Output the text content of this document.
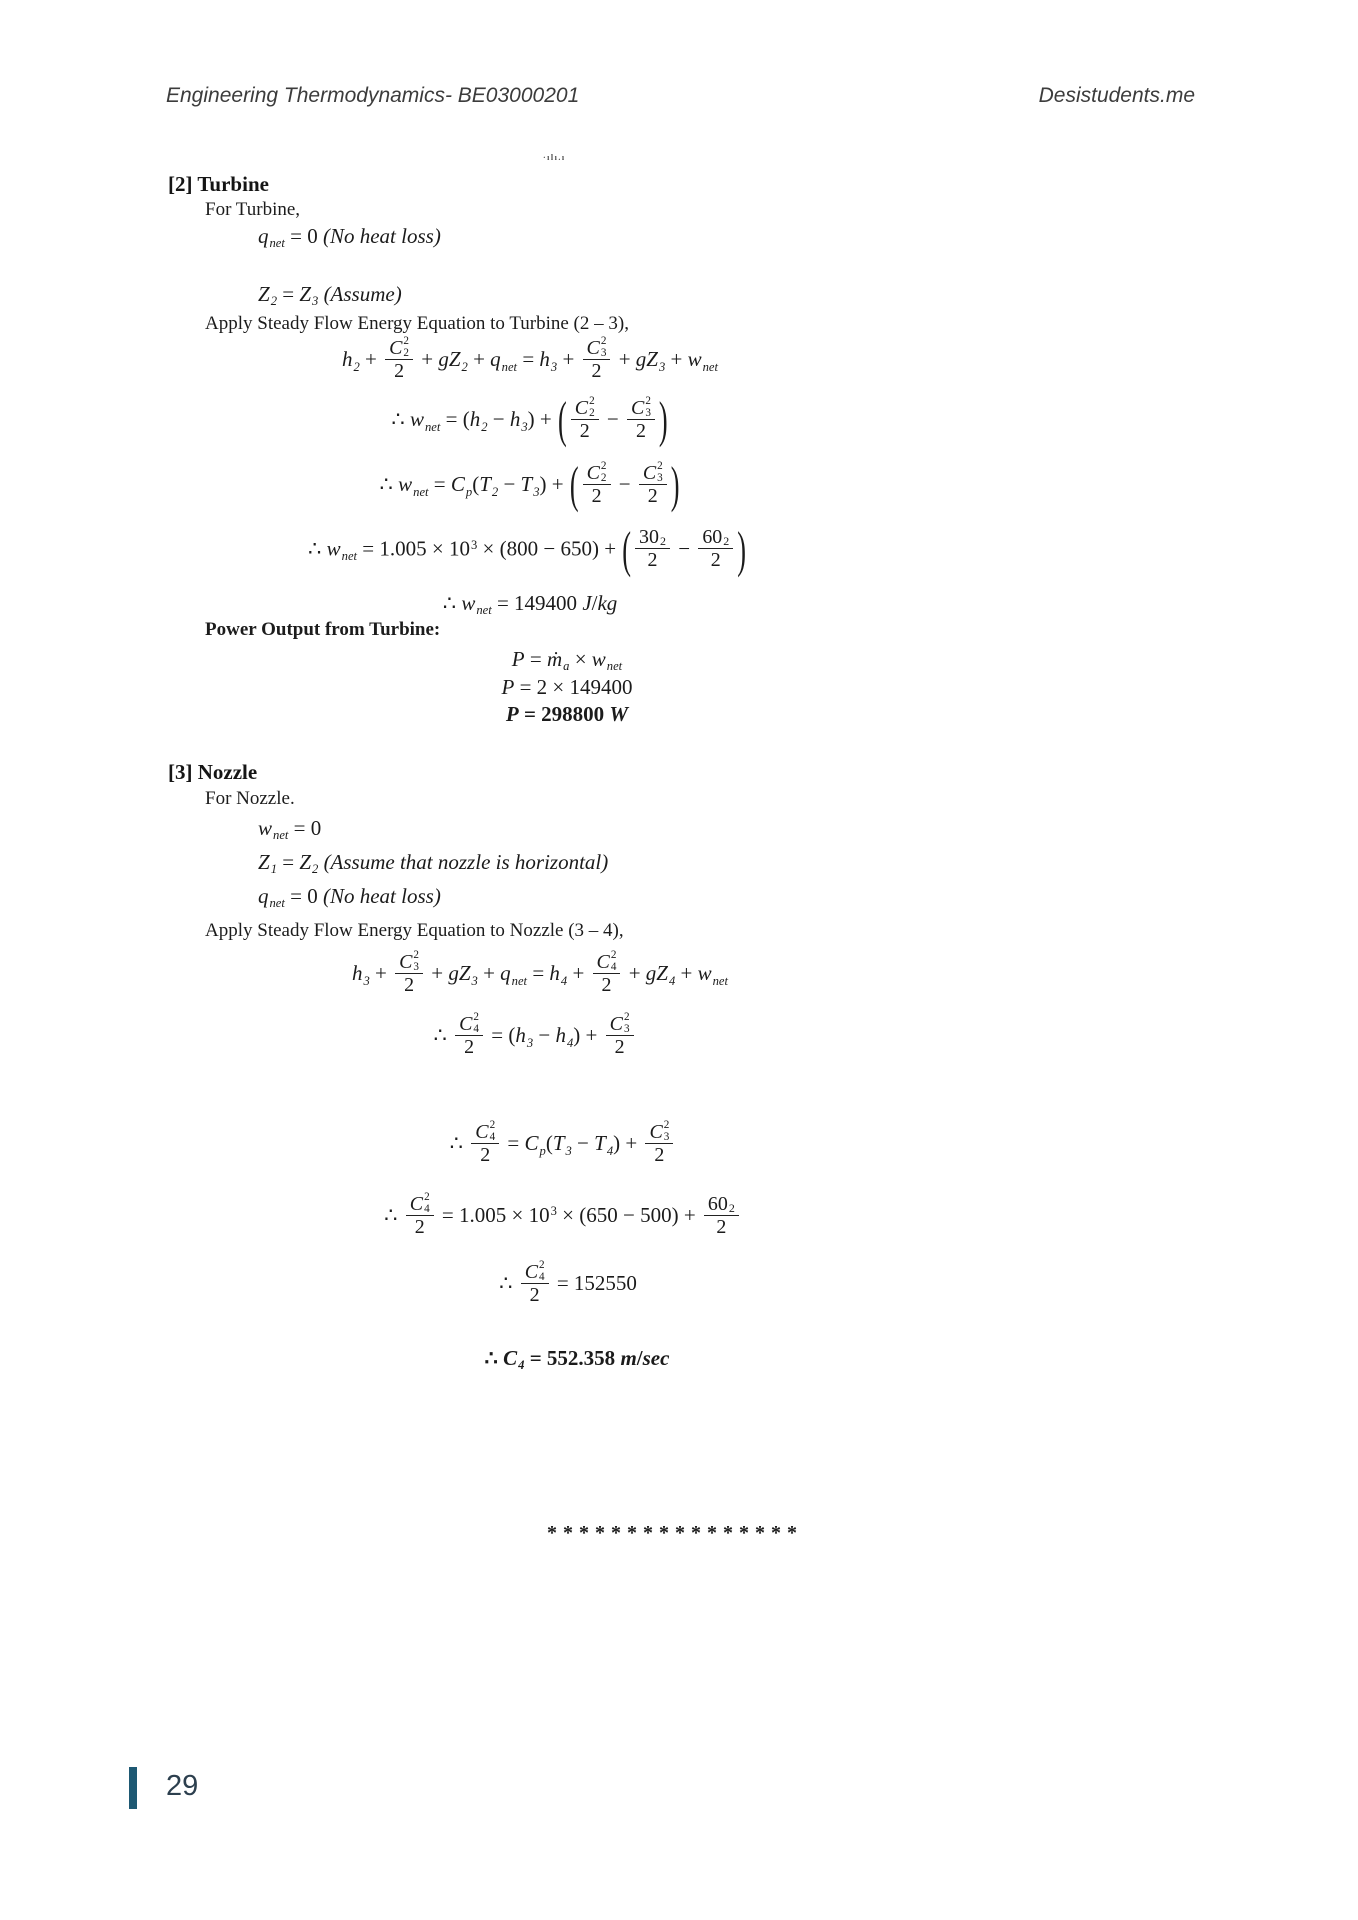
Engineering Thermodynamics- BE03000201	Desistudents.me
·ılı.ı
[2] Turbine
For Turbine,
$q_{net} = 0$ (No heat loss)
$Z_2 = Z_3$ (Assume)
Apply Steady Flow Energy Equation to Turbine (2 – 3),
$h_2 + C$ 2
2
$2 + gZ_2 + q_{net} = h_3 + C$ 2
3
$2 + gZ_3 + w_{net}$
∴ $w_{net} = (h_2 - h_3)$ + ( C 2
2
2 − C 2
3
2 )
∴ $w_{net} = C_p(T_2 - T_3)$ + ( C 2
2
2 − C 2
3
2 )
∴ $w_{net} = 1.005 \times 10^3 \times (800 - 650)$ + ( $\frac{30 2}{2} - \frac{60 2}{2}$ )
∴ $w_{net} = 149400$ J/kg
Power Output from Turbine:
P = ṁ$_a$ × $w_{net}$
P = 2 × 149400
P = 298800 W
[3] Nozzle
For Nozzle.
$w_{net} = 0$
$Z_1 = Z_2$ (Assume that nozzle is horizontal)
$q_{net} = 0$ (No heat loss)
Apply Steady Flow Energy Equation to Nozzle (3 – 4),
$h_3 + C$ 2
3
$2 + gZ_3 + q_{net} = h_4 + C$ 2
4
$2 + gZ_4 + w_{net}$
∴ C 2
4
$2 = (h_3 - h_4) + C$ 2
3
2
∴ C 2
4
$2 = C_p(T_3 - T_4) + C$ 2
3
2
∴ C 2
4
$2 = 1.005 \times 10^3 \times (650 - 500) + \frac{60 2}{2}$
∴ C 2
4
2 = 152550
∴ $C_4 = 552.358$ m/sec
****************
29
